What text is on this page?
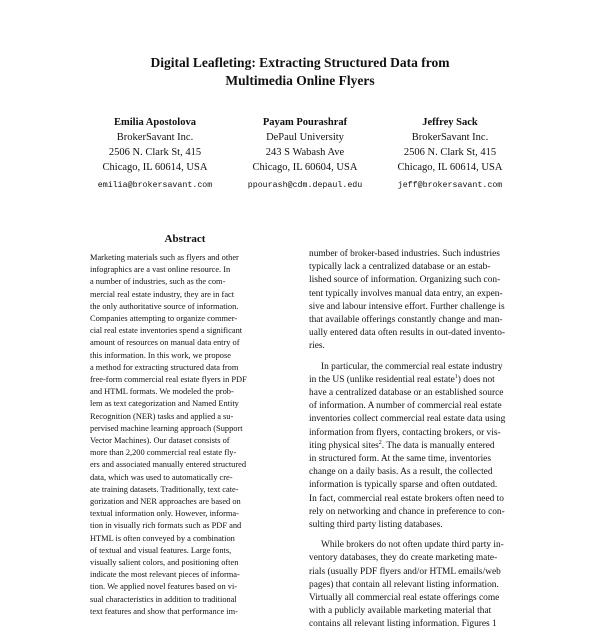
Digital Leafleting: Extracting Structured Data from
Multimedia Online Flyers
Emilia Apostolova
BrokerSavant Inc.
2506 N. Clark St, 415
Chicago, IL 60614, USA
emilia@brokersavant.com
Payam Pourashraf
DePaul University
243 S Wabash Ave
Chicago, IL 60604, USA
ppourash@cdm.depaul.edu
Jeffrey Sack
BrokerSavant Inc.
2506 N. Clark St, 415
Chicago, IL 60614, USA
jeff@brokersavant.com
Abstract
Marketing materials such as flyers and other
infographics are a vast online resource. In
a number of industries, such as the com-
mercial real estate industry, they are in fact
the only authoritative source of information.
Companies attempting to organize commer-
cial real estate inventories spend a significant
amount of resources on manual data entry of
this information. In this work, we propose
a method for extracting structured data from
free-form commercial real estate flyers in PDF
and HTML formats. We modeled the prob-
lem as text categorization and Named Entity
Recognition (NER) tasks and applied a su-
pervised machine learning approach (Support
Vector Machines). Our dataset consists of
more than 2,200 commercial real estate fly-
ers and associated manually entered structured
data, which was used to automatically cre-
ate training datasets. Traditionally, text cate-
gorization and NER approaches are based on
textual information only. However, informa-
tion in visually rich formats such as PDF and
HTML is often conveyed by a combination
of textual and visual features. Large fonts,
visually salient colors, and positioning often
indicate the most relevant pieces of informa-
tion. We applied novel features based on vi-
sual characteristics in addition to traditional
text features and show that performance im-
number of broker-based industries. Such industries
typically lack a centralized database or an estab-
lished source of information. Organizing such con-
tent typically involves manual data entry, an expen-
sive and labour intensive effort. Further challenge is
that available offerings constantly change and man-
ually entered data often results in out-dated invento-
ries.
In particular, the commercial real estate industry
in the US (unlike residential real estate$^1$) does not
have a centralized database or an established source
of information. A number of commercial real estate
inventories collect commercial real estate data using
information from flyers, contacting brokers, or vis-
iting physical sites$^2$. The data is manually entered
in structured form. At the same time, inventories
change on a daily basis. As a result, the collected
information is typically sparse and often outdated.
In fact, commercial real estate brokers often need to
rely on networking and chance in preference to con-
sulting third party listing databases.
While brokers do not often update third party in-
ventory databases, they do create marketing mate-
rials (usually PDF flyers and/or HTML emails/web
pages) that contain all relevant listing information.
Virtually all commercial real estate offerings come
with a publicly available marketing material that
contains all relevant listing information. Figures 1
